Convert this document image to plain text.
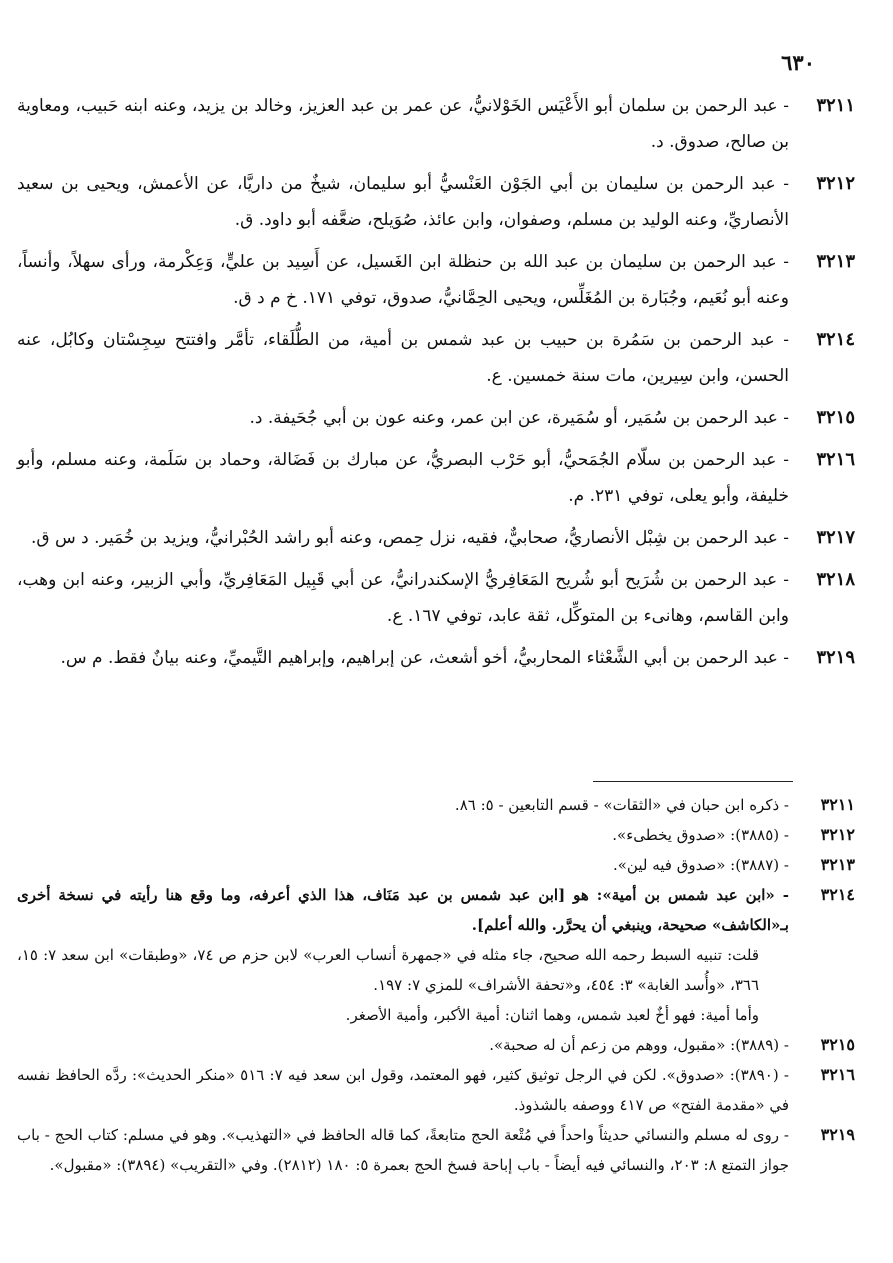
٦٣٠
٣٢١١
- عبد الرحمن بن سلمان أبو الأَعْيَس الخَوْلانيُّ، عن عمر بن عبد العزيز، وخالد بن يزيد، وعنه ابنه حَبيب، ومعاوية بن صالح، صدوق. د.
٣٢١٢
- عبد الرحمن بن سليمان بن أبي الجَوْن العَنْسيُّ أبو سليمان، شيخٌ من داريَّا، عن الأعمش، ويحيى بن سعيد الأنصاريِّ، وعنه الوليد بن مسلم، وصفوان، وابن عائذ، صُوَيلح، ضعَّفه أبو داود. ق.
٣٢١٣
- عبد الرحمن بن سليمان بن عبد الله بن حنظلة ابن الغَسيل، عن أَسِيد بن عليٍّ، وَعِكْرمة، ورأى سهلاً، وأنساً، وعنه أبو نُعَيم، وجُبَارة بن المُغَلِّس، ويحيى الحِمَّانيُّ، صدوق، توفي ١٧١. خ م د ق.
٣٢١٤
- عبد الرحمن بن سَمُرة بن حبيب بن عبد شمس بن أمية، من الطُّلَقاء، تأمَّر وافتتح سِجِسْتان وكابُل، عنه الحسن، وابن سِيرين، مات سنة خمسين. ع.
٣٢١٥
- عبد الرحمن بن سُمَير، أو سُمَيرة، عن ابن عمر، وعنه عون بن أبي جُحَيفة. د.
٣٢١٦
- عبد الرحمن بن سلّام الجُمَحيُّ، أبو حَرْب البصريُّ، عن مبارك بن فَضَالة، وحماد بن سَلَمة، وعنه مسلم، وأبو خليفة، وأبو يعلى، توفي ٢٣١. م.
٣٢١٧
- عبد الرحمن بن شِبْل الأنصاريُّ، صحابيٌّ، فقيه، نزل حِمص، وعنه أبو راشد الحُبْرانيُّ، ويزيد بن خُمَير. د س ق.
٣٢١٨
- عبد الرحمن بن شُرَيح أبو شُريح المَعَافِريُّ الإسكندرانيُّ، عن أبي قَبِيل المَعَافِريِّ، وأبي الزبير، وعنه ابن وهب، وابن القاسم، وهانىء بن المتوكِّل، ثقة عابد، توفي ١٦٧. ع.
٣٢١٩
- عبد الرحمن بن أبي الشَّعْثاء المحاربيُّ، أخو أشعث، عن إبراهيم، وإبراهيم التَّيميِّ، وعنه بيانٌ فقط. م س.
٣٢١١
- ذكره ابن حبان في «الثقات» - قسم التابعين - ٥: ٨٦.
٣٢١٢
- (٣٨٨٥): «صدوق يخطىء».
٣٢١٣
- (٣٨٨٧): «صدوق فيه لين».
٣٢١٤
- «ابن عبد شمس بن أمية»: هو [ابن عبد شمس بن عبد مَنَاف، هذا الذي أعرفه، وما وقع هنا رأيته في نسخة أخرى بـ«الكاشف» صحيحة، وينبغي أن يحرَّر. والله أعلم].
قلت: تنبيه السبط رحمه الله صحيح، جاء مثله في «جمهرة أنساب العرب» لابن حزم ص ٧٤، «وطبقات» ابن سعد ٧: ١٥، ٣٦٦، «وأُسد الغابة» ٣: ٤٥٤، و«تحفة الأشراف» للمزي ٧: ١٩٧.
وأما أمية: فهو أخٌ لعبد شمس، وهما اثنان: أمية الأكبر، وأمية الأصغر.
٣٢١٥
- (٣٨٨٩): «مقبول، ووهم من زعم أن له صحبة».
٣٢١٦
- (٣٨٩٠): «صدوق». لكن في الرجل توثيق كثير، فهو المعتمد، وقول ابن سعد فيه ٧: ٥١٦ «منكر الحديث»: ردَّه الحافظ نفسه في «مقدمة الفتح» ص ٤١٧ ووصفه بالشذوذ.
٣٢١٩
- روى له مسلم والنسائي حديثاً واحداً في مُتْعة الحج متابعةً، كما قاله الحافظ في «التهذيب». وهو في مسلم: كتاب الحج - باب جواز التمتع ٨: ٢٠٣، والنسائي فيه أيضاً - باب إباحة فسخ الحج بعمرة ٥: ١٨٠ (٢٨١٢). وفي «التقريب» (٣٨٩٤): «مقبول».
